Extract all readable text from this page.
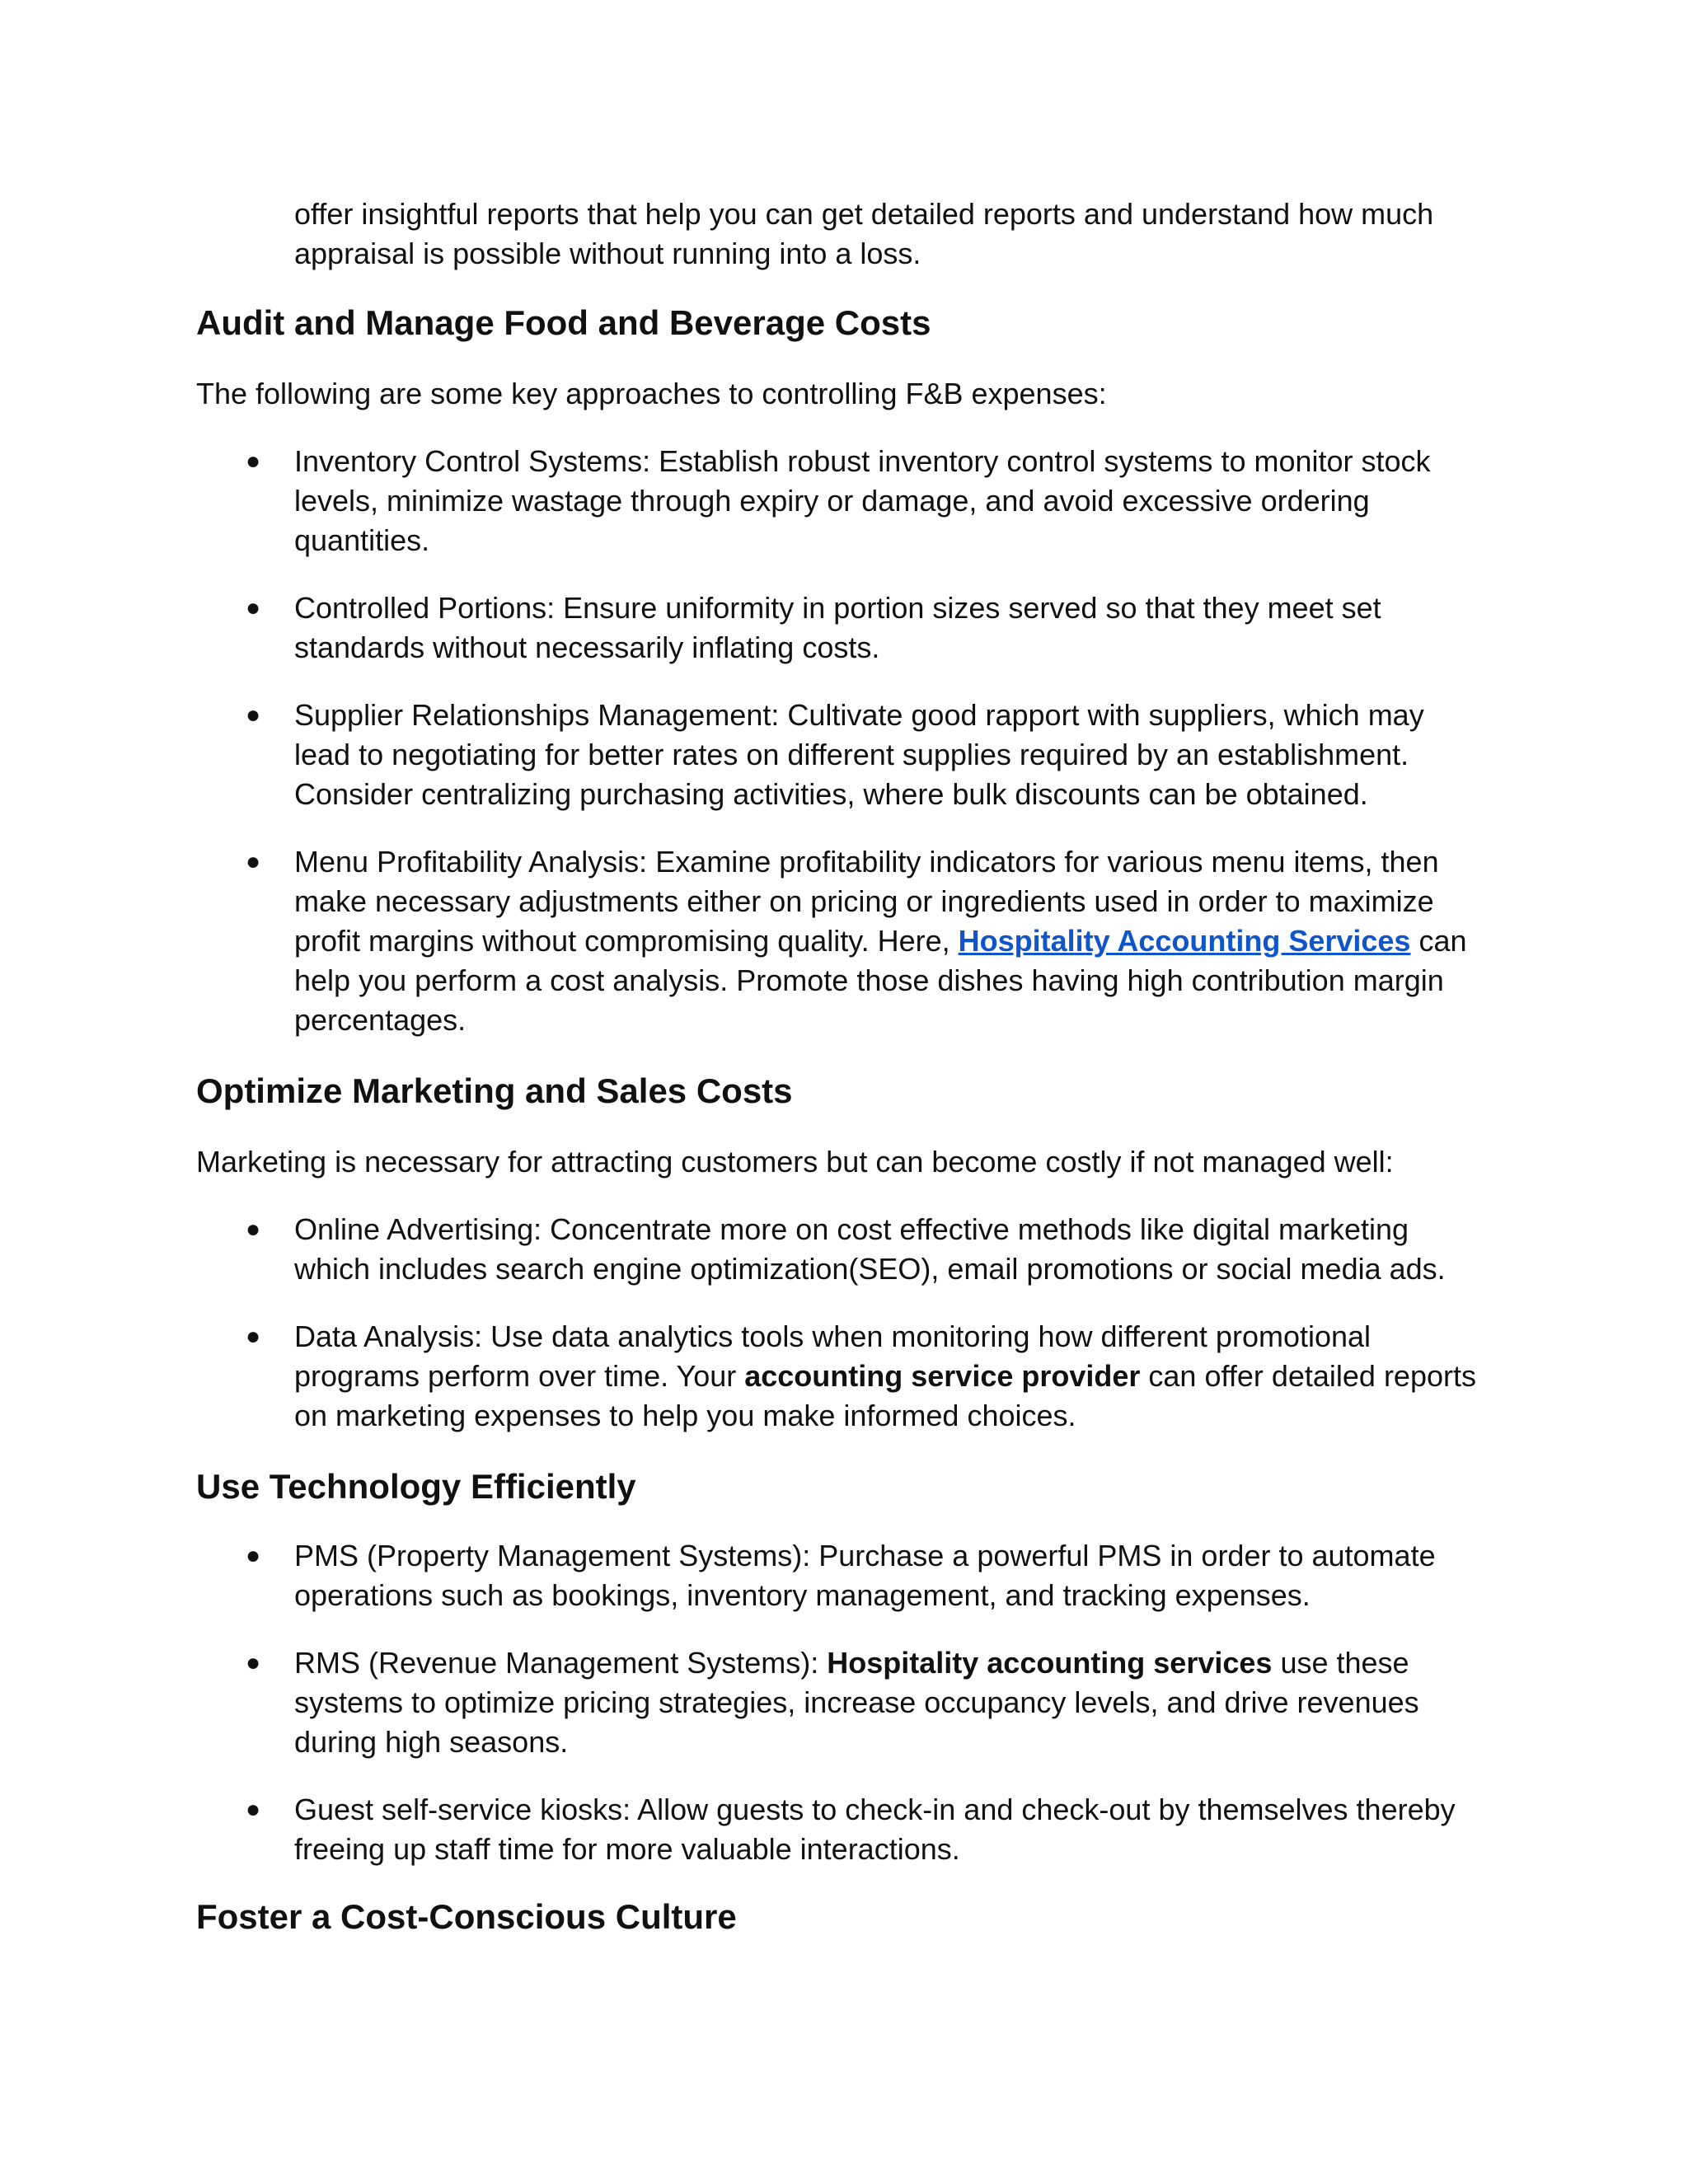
offer insightful reports that help you can get detailed reports and understand how much appraisal is possible without running into a loss.

Audit and Manage Food and Beverage Costs

The following are some key approaches to controlling F&B expenses:

● Inventory Control Systems: Establish robust inventory control systems to monitor stock levels, minimize wastage through expiry or damage, and avoid excessive ordering quantities.

● Controlled Portions: Ensure uniformity in portion sizes served so that they meet set standards without necessarily inflating costs.

● Supplier Relationships Management: Cultivate good rapport with suppliers, which may lead to negotiating for better rates on different supplies required by an establishment. Consider centralizing purchasing activities, where bulk discounts can be obtained.

● Menu Profitability Analysis: Examine profitability indicators for various menu items, then make necessary adjustments either on pricing or ingredients used in order to maximize profit margins without compromising quality. Here, Hospitality Accounting Services can help you perform a cost analysis. Promote those dishes having high contribution margin percentages.

Optimize Marketing and Sales Costs

Marketing is necessary for attracting customers but can become costly if not managed well:

● Online Advertising: Concentrate more on cost effective methods like digital marketing which includes search engine optimization(SEO), email promotions or social media ads.

● Data Analysis: Use data analytics tools when monitoring how different promotional programs perform over time. Your accounting service provider can offer detailed reports on marketing expenses to help you make informed choices.

Use Technology Efficiently
● PMS (Property Management Systems): Purchase a powerful PMS in order to automate operations such as bookings, inventory management, and tracking expenses.

● RMS (Revenue Management Systems): Hospitality accounting services use these systems to optimize pricing strategies, increase occupancy levels, and drive revenues during high seasons.

● Guest self-service kiosks: Allow guests to check-in and check-out by themselves thereby freeing up staff time for more valuable interactions.

Foster a Cost-Conscious Culture
